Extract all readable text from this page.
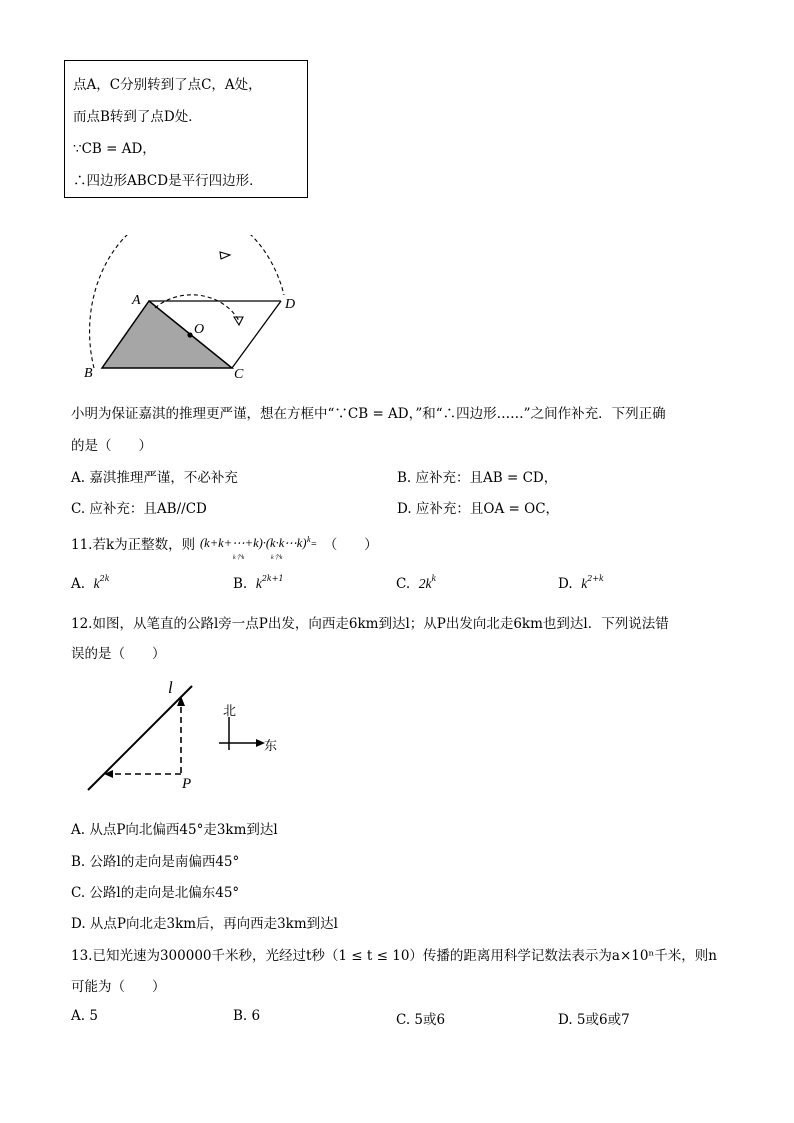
点A，C分别转到了点C，A处，
而点B转到了点D处．
∵CB = AD，
∴四边形ABCD是平行四边形．
A
O
D
B	C
小明为保证嘉淇的推理更严谨，想在方框中“∵CB = AD，”和“∴四边形……”之间作补充．下列正确
的是（　　）
A. 嘉淇推理严谨，不必补充	B. 应补充：且AB = CD，
C. 应补充：且AB//CD	D. 应补充：且OA = OC，
11.若k为正整数，则 (k+k+⋯+k)·(k·k⋯k) k =
k个k	k个k
（　　）
A. $k^{2k}$	B. $k^{2k+1}$	C. $2k^k$	D. $k^{2+k}$
12.如图，从笔直的公路l旁一点P出发，向西走6km到达l；从P出发向北走6km也到达l．下列说法错
误的是（　　）
l
P
北
东
A. 从点P向北偏西45°走3km到达l
B. 公路l的走向是南偏西45°
C. 公路l的走向是北偏东45°
D. 从点P向北走3km后，再向西走3km到达l
13.已知光速为300000千米秒，光经过t秒（1 ≤ t ≤ 10）传播的距离用科学记数法表示为a×10ⁿ千米，则n
可能为（　　）
A. 5	B. 6	C. 5或6	D. 5或6或7
